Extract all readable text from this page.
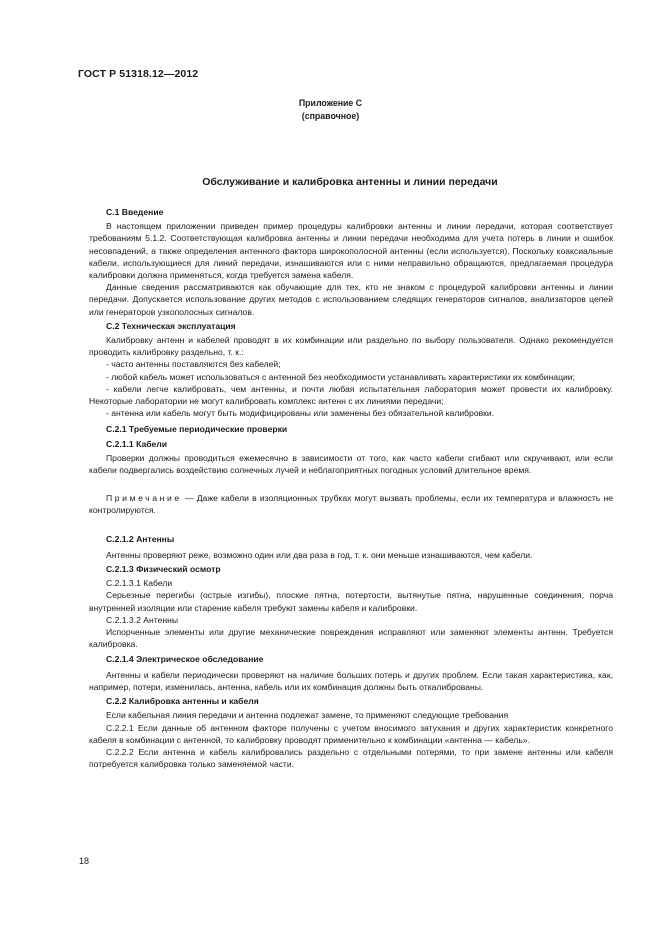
ГОСТ Р 51318.12—2012
Приложение С
(справочное)
Обслуживание и калибровка антенны и линии передачи

С.1 Введение

В настоящем приложении приведен пример процедуры калибровки антенны и линии передачи, которая соответствует требованиям 5.1.2. Соответствующая калибровка антенны и линии передачи необходима для учета потерь в линии и ошибок несовпадений, а также определения антенного фактора широкополосной антенны (если используется). Поскольку коаксиальные кабели, использующиеся для линий передачи, изнашиваются или с ними неправильно обращаются, предлагаемая процедура калибровки должна применяться, когда требуется замена кабеля.

Данные сведения рассматриваются как обучающие для тех, кто не знаком с процедурой калибровки антенны и линии передачи. Допускается использование других методов с использованием следящих генераторов сигналов, анализаторов цепей или генераторов узкополосных сигналов.

С.2 Техническая эксплуатация

Калибровку антенн и кабелей проводят в их комбинации или раздельно по выбору пользователя. Однако рекомендуется проводить калибровку раздельно, т. к.:

- часто антенны поставляются без кабелей;

- любой кабель может использоваться с антенной без необходимости устанавливать характеристики их комбинации;

- кабели легче калибровать, чем антенны, и почти любая испытательная лаборатория может провести их калибровку. Некоторые лаборатории не могут калибровать комплекс антенн с их линиями передачи;

- антенна или кабель могут быть модифицированы или заменены без обязательной калибровки.

С.2.1 Требуемые периодические проверки

С.2.1.1 Кабели

Проверки должны проводиться ежемесячно в зависимости от того, как часто кабели сгибают или скручивают, или если кабели подвергались воздействию солнечных лучей и неблагоприятных погодных условий длительное время.

Примечание — Даже кабели в изоляционных трубках могут вызвать проблемы, если их температура и влажность не контролируются.

С.2.1.2 Антенны

Антенны проверяют реже, возможно один или два раза в год, т. к. они меньше изнашиваются, чем кабели.

С.2.1.3 Физический осмотр

С.2.1.3.1 Кабели

Серьезные перегибы (острые изгибы), плоские пятна, потертости, вытянутые пятна, нарушенные соединения, порча внутренней изоляции или старение кабеля требуют замены кабеля и калибровки.

С.2.1.3.2 Антенны

Испорченные элементы или другие механические повреждения исправляют или заменяют элементы антенн. Требуется калибровка.

С.2.1.4 Электрическое обследование

Антенны и кабели периодически проверяют на наличие больших потерь и других проблем. Если такая характеристика, как, например, потери, изменилась, антенна, кабель или их комбинация должны быть откалиброваны.

С.2.2 Калибровка антенны и кабеля

Если кабельная линия передачи и антенна подлежат замене, то применяют следующие требования

С.2.2.1 Если данные об антенном факторе получены с учетом вносимого затухания и других характеристик конкретного кабеля в комбинации с антенной, то калибровку проводят применительно к комбинации «антенна — кабель».

С.2.2.2 Если антенна и кабель калибровались раздельно с отдельными потерями, то при замене антенны или кабеля потребуется калибровка только заменяемой части.

18
